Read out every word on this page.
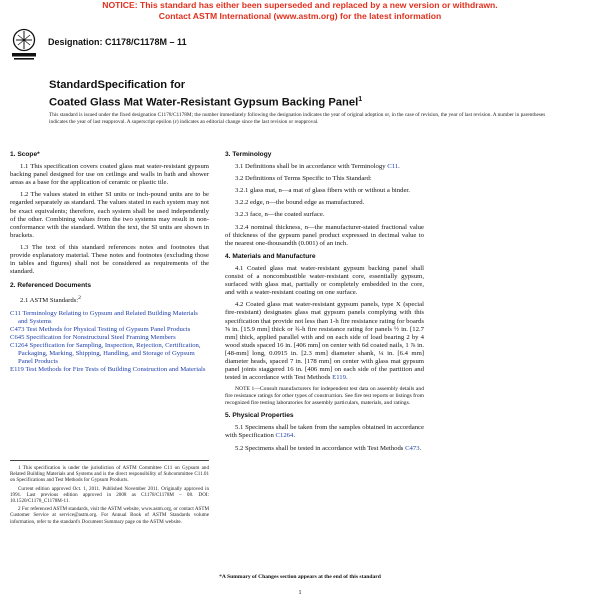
NOTICE: This standard has either been superseded and replaced by a new version or withdrawn.
Contact ASTM International (www.astm.org) for the latest information
Designation: C1178/C1178M – 11
StandardSpecification for
Coated Glass Mat Water-Resistant Gypsum Backing Panel$^1$
This standard is issued under the fixed designation C1178/C1178M; the number immediately following the designation indicates the year of original adoption or, in the case of revision, the year of last revision. A number in parentheses indicates the year of last reapproval. A superscript epsilon (ε) indicates an editorial change since the last revision or reapproval.
1. Scope*

1.1 This specification covers coated glass mat water-resistant gypsum backing panel designed for use on ceilings and walls in bath and shower areas as a base for the application of ceramic or plastic tile.

1.2 The values stated in either SI units or inch-pound units are to be regarded separately as standard. The values stated in each system may not be exact equivalents; therefore, each system shall be used independently of the other. Combining values from the two systems may result in non-conformance with the standard. Within the text, the SI units are shown in brackets.

1.3 The text of this standard references notes and footnotes that provide explanatory material. These notes and footnotes (excluding those in tables and figures) shall not be considered as requirements of the standard.

2. Referenced Documents

2.1 ASTM Standards:$^2$

C11 Terminology Relating to Gypsum and Related Building Materials and Systems
C473 Test Methods for Physical Testing of Gypsum Panel Products
C645 Specification for Nonstructural Steel Framing Members
C1264 Specification for Sampling, Inspection, Rejection, Certification, Packaging, Marking, Shipping, Handling, and Storage of Gypsum Panel Products
E119 Test Methods for Fire Tests of Building Construction and Materials

1 This specification is under the jurisdiction of ASTM Committee C11 on Gypsum and Related Building Materials and Systems and is the direct responsibility of Subcommittee C11.01 on Specifications and Test Methods for Gypsum Products.

Current edition approved Oct. 1, 2011. Published November 2011. Originally approved in 1991. Last previous edition approved in 2008 as C1178/C1178M – 08. DOI: 10.1520/C1178_C1178M-11.

2 For referenced ASTM standards, visit the ASTM website, www.astm.org, or contact ASTM Customer Service at service@astm.org. For Annual Book of ASTM Standards volume information, refer to the standard's Document Summary page on the ASTM website.

3. Terminology

3.1 Definitions shall be in accordance with Terminology C11.

3.2 Definitions of Terms Specific to This Standard:

3.2.1 glass mat, n—a mat of glass fibers with or without a binder.

3.2.2 edge, n—the bound edge as manufactured.

3.2.3 face, n—the coated surface.

3.2.4 nominal thickness, n—the manufacturer-stated fractional value of thickness of the gypsum panel product expressed in decimal value to the nearest one-thousandth (0.001) of an inch.

4. Materials and Manufacture

4.1 Coated glass mat water-resistant gypsum backing panel shall consist of a noncombustible water-resistant core, essentially gypsum, surfaced with glass mat, partially or completely embedded in the core, and with a water-resistant coating on one surface.

4.2 Coated glass mat water-resistant gypsum panels, type X (special fire-resistant) designates glass mat gypsum panels complying with this specification that provide not less than 1-h fire resistance rating for boards ⅝ in. [15.9 mm] thick or ¾-h fire resistance rating for panels ½ in. [12.7 mm] thick, applied parallel with and on each side of load bearing 2 by 4 wood studs spaced 16 in. [406 mm] on center with 6d coated nails, 1 ⅞ in. [48-mm] long, 0.0915 in. [2.3 mm] diameter shank, ¼ in. [6.4 mm] diameter heads, spaced 7 in. [178 mm] on center with glass mat gypsum panel joints staggered 16 in. [406 mm] on each side of the partition and tested in accordance with Test Methods E119.

NOTE 1—Consult manufacturers for independent test data on assembly details and fire resistance ratings for other types of construction. See fire test reports or listings from recognized fire testing laboratories for assembly particulars, materials, and ratings.

5. Physical Properties

5.1 Specimens shall be taken from the samples obtained in accordance with Specification C1264.

5.2 Specimens shall be tested in accordance with Test Methods C473.

*A Summary of Changes section appears at the end of this standard
1
